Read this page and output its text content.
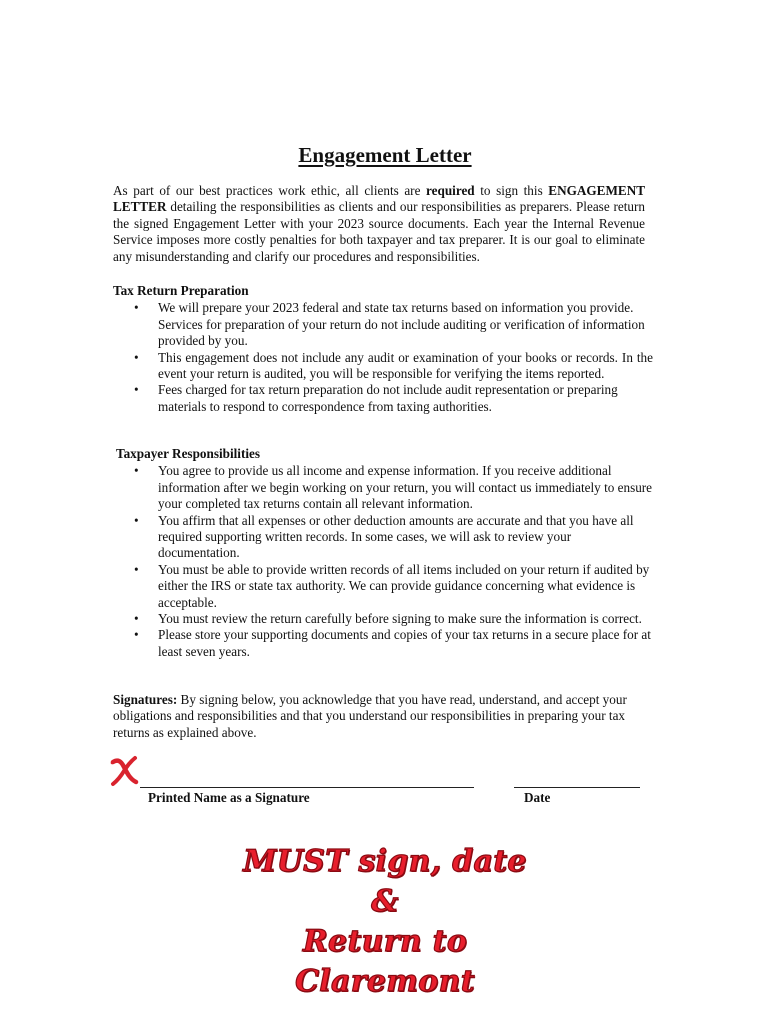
Engagement Letter
As part of our best practices work ethic, all clients are required to sign this ENGAGEMENT LETTER detailing the responsibilities as clients and our responsibilities as preparers. Please return the signed Engagement Letter with your 2023 source documents. Each year the Internal Revenue Service imposes more costly penalties for both taxpayer and tax preparer. It is our goal to eliminate any misunderstanding and clarify our procedures and responsibilities.
Tax Return Preparation
• We will prepare your 2023 federal and state tax returns based on information you provide. Services for preparation of your return do not include auditing or verification of information provided by you.
• This engagement does not include any audit or examination of your books or records. In the event your return is audited, you will be responsible for verifying the items reported.
• Fees charged for tax return preparation do not include audit representation or preparing materials to respond to correspondence from taxing authorities.
Taxpayer Responsibilities
• You agree to provide us all income and expense information. If you receive additional information after we begin working on your return, you will contact us immediately to ensure your completed tax returns contain all relevant information.
• You affirm that all expenses or other deduction amounts are accurate and that you have all required supporting written records. In some cases, we will ask to review your documentation.
• You must be able to provide written records of all items included on your return if audited by either the IRS or state tax authority. We can provide guidance concerning what evidence is acceptable.
• You must review the return carefully before signing to make sure the information is correct.
• Please store your supporting documents and copies of your tax returns in a secure place for at least seven years.
Signatures: By signing below, you acknowledge that you have read, understand, and accept your obligations and responsibilities and that you understand our responsibilities in preparing your tax returns as explained above.
Printed Name as a Signature	Date
MUST sign, date &
Return to Claremont
